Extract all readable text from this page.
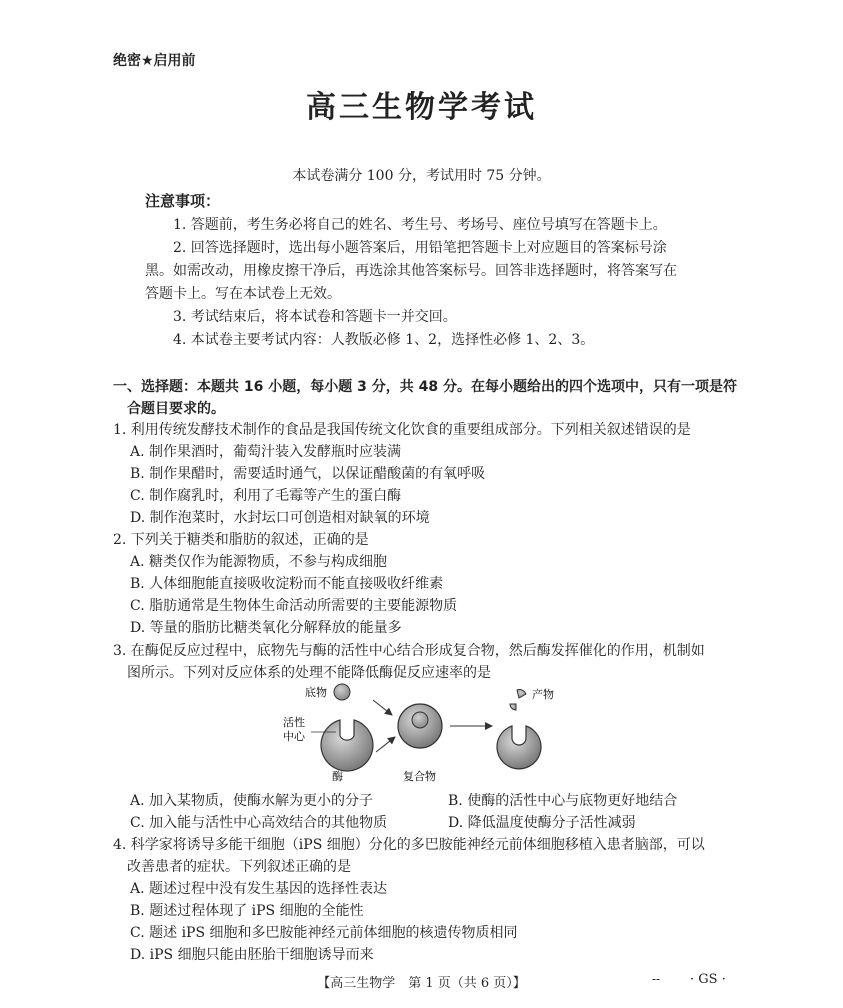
绝密★启用前
高三生物学考试
本试卷满分 100 分，考试用时 75 分钟。
注意事项：
1. 答题前，考生务必将自己的姓名、考生号、考场号、座位号填写在答题卡上。
2. 回答选择题时，选出每小题答案后，用铅笔把答题卡上对应题目的答案标号涂
黑。如需改动，用橡皮擦干净后，再选涂其他答案标号。回答非选择题时，将答案写在
答题卡上。写在本试卷上无效。
3. 考试结束后，将本试卷和答题卡一并交回。
4. 本试卷主要考试内容：人教版必修 1、2，选择性必修 1、2、3。
一、选择题：本题共 16 小题，每小题 3 分，共 48 分。在每小题给出的四个选项中，只有一项是符
合题目要求的。
1. 利用传统发酵技术制作的食品是我国传统文化饮食的重要组成部分。下列相关叙述错误的是
A. 制作果酒时，葡萄汁装入发酵瓶时应装满
B. 制作果醋时，需要适时通气，以保证醋酸菌的有氧呼吸
C. 制作腐乳时，利用了毛霉等产生的蛋白酶
D. 制作泡菜时，水封坛口可创造相对缺氧的环境
2. 下列关于糖类和脂肪的叙述，正确的是
A. 糖类仅作为能源物质，不参与构成细胞
B. 人体细胞能直接吸收淀粉而不能直接吸收纤维素
C. 脂肪通常是生物体生命活动所需要的主要能源物质
D. 等量的脂肪比糖类氧化分解释放的能量多
3. 在酶促反应过程中，底物先与酶的活性中心结合形成复合物，然后酶发挥催化的作用，机制如
图所示。下列对反应体系的处理不能降低酶促反应速率的是
底物
活性
中心
酶	复合物
产物
A. 加入某物质，使酶水解为更小的分子	B. 使酶的活性中心与底物更好地结合
C. 加入能与活性中心高效结合的其他物质	D. 降低温度使酶分子活性减弱
4. 科学家将诱导多能干细胞（iPS 细胞）分化的多巴胺能神经元前体细胞移植入患者脑部，可以
改善患者的症状。下列叙述正确的是
A. 题述过程中没有发生基因的选择性表达
B. 题述过程体现了 iPS 细胞的全能性
C. 题述 iPS 细胞和多巴胺能神经元前体细胞的核遗传物质相同
D. iPS 细胞只能由胚胎干细胞诱导而来
【高三生物学　第 1 页（共 6 页）】	-- · GS ·
